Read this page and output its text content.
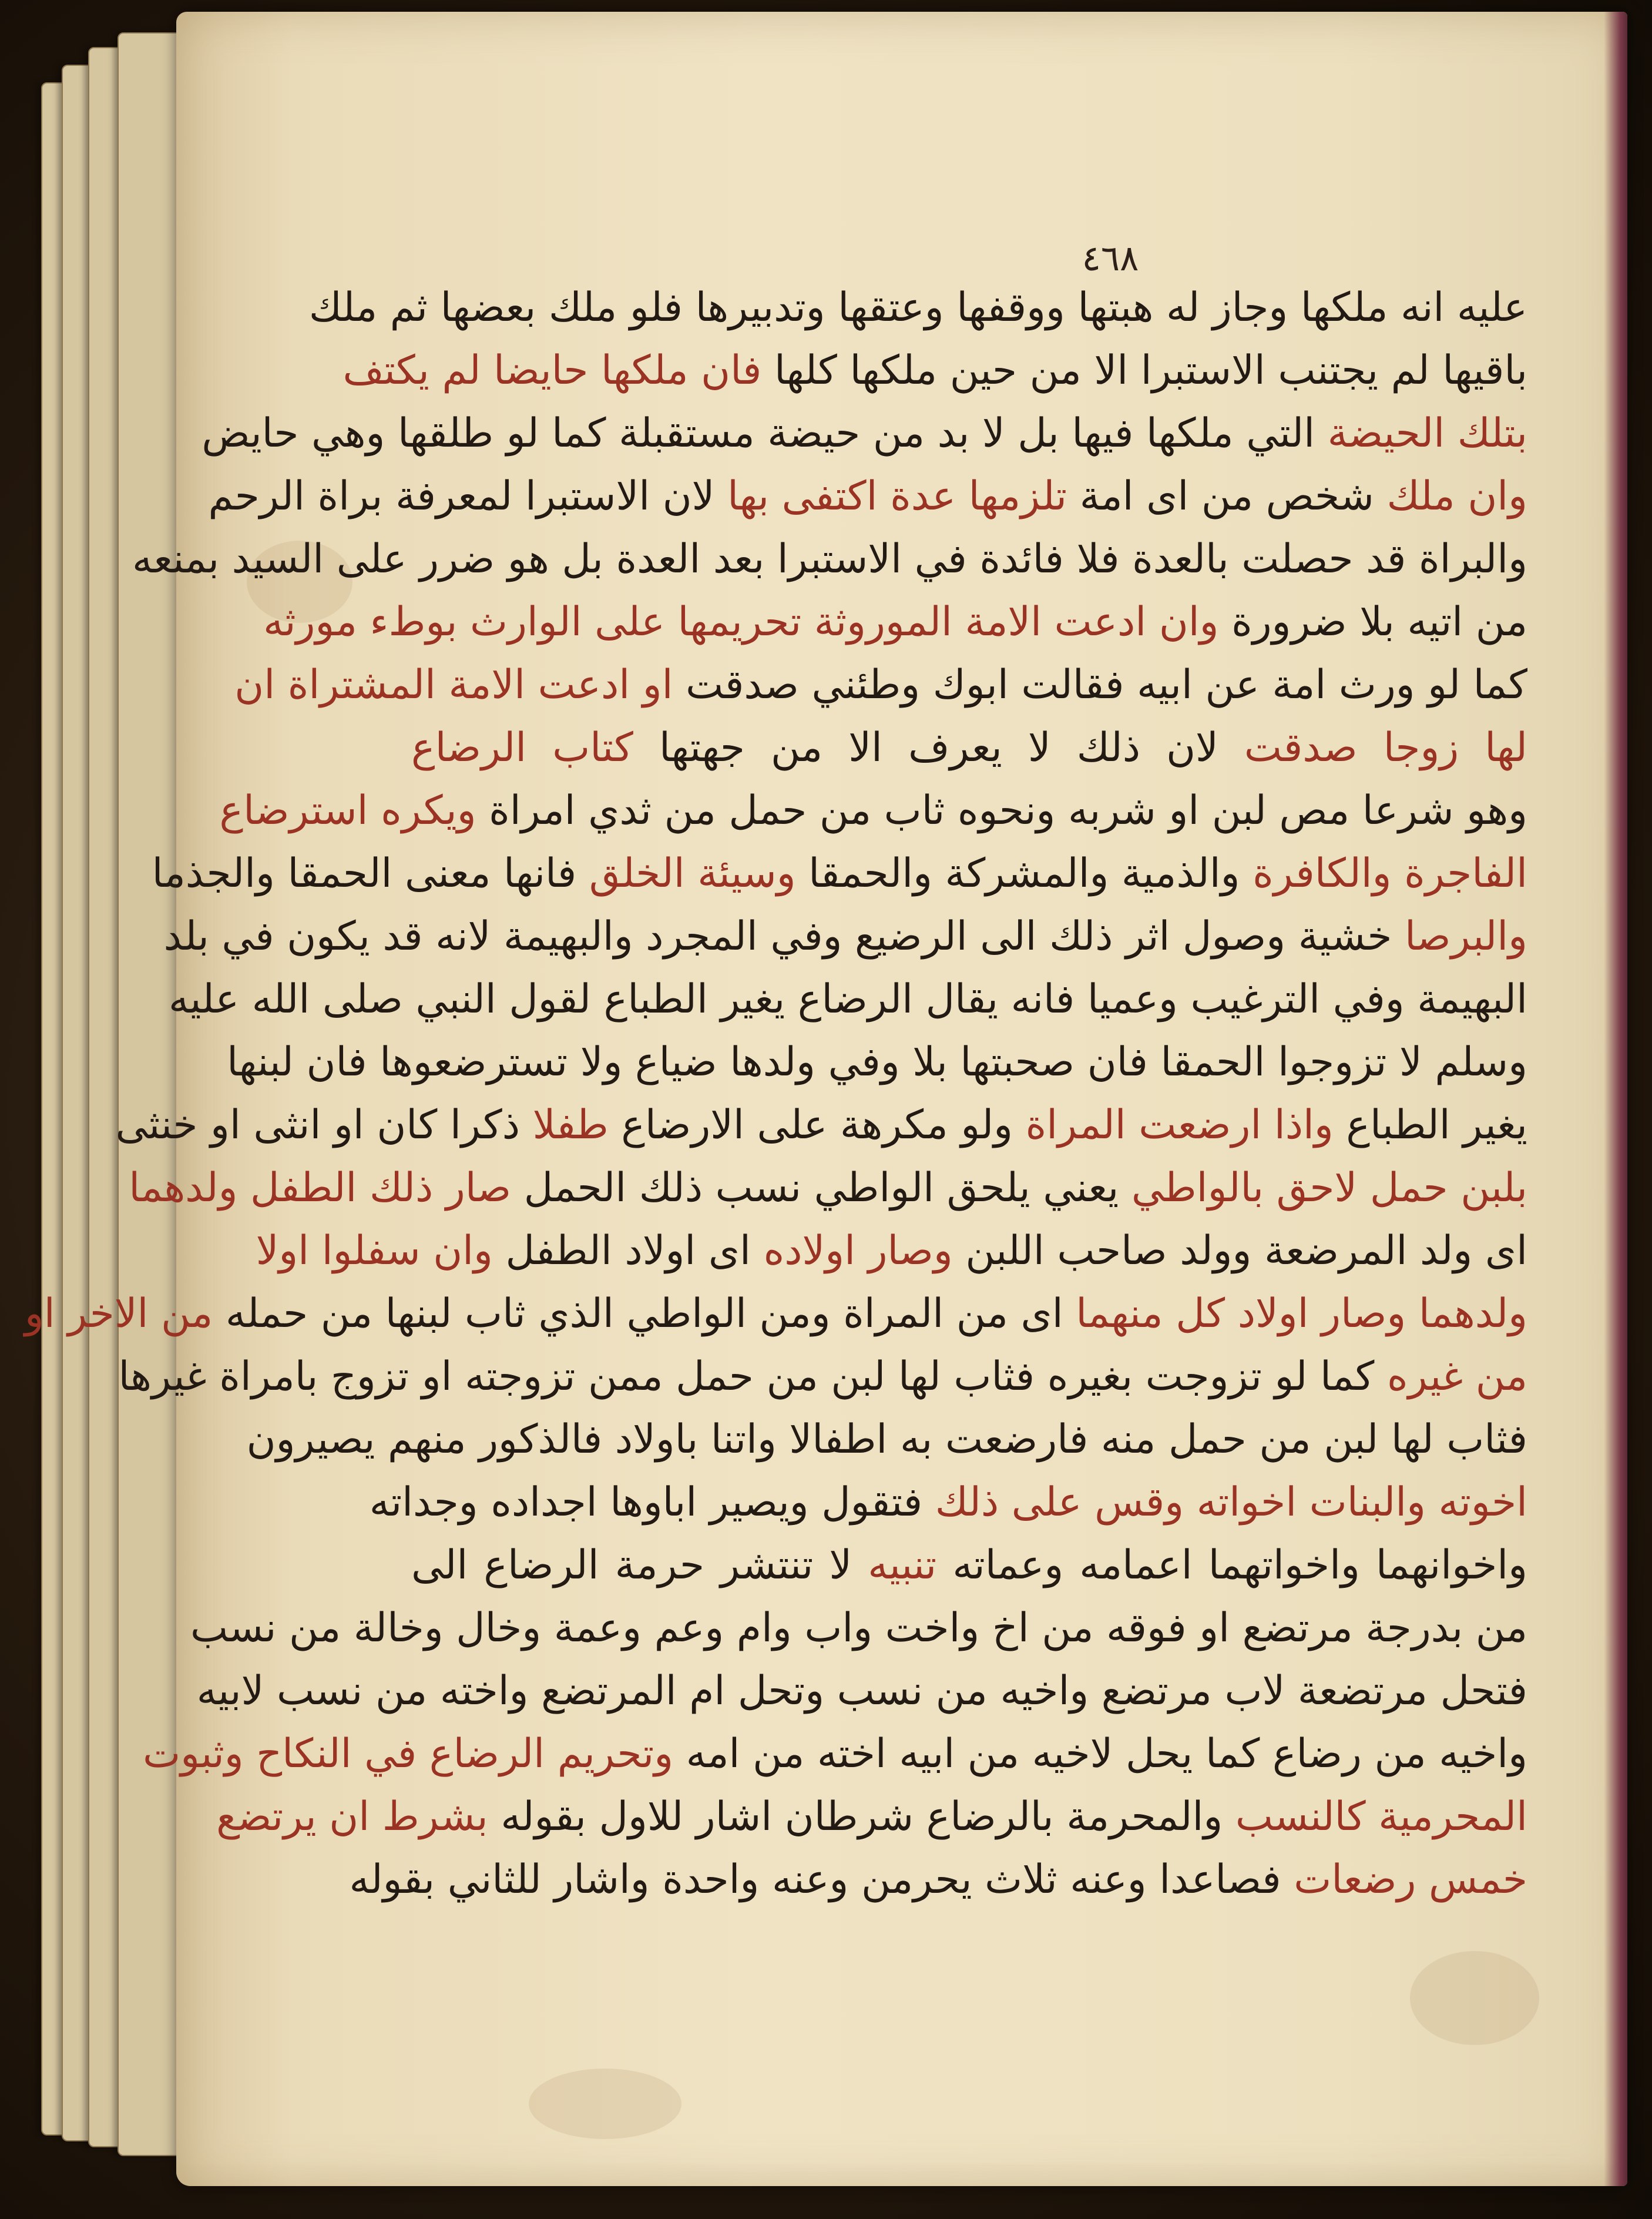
٤٦٨
عليه انه ملكها وجاز له هبتها ووقفها وعتقها وتدبيرها فلو ملك بعضها ثم ملك
باقيها لم يجتنب الاستبرا الا من حين ملكها كلها فان ملكها حايضا لم يكتف
بتلك الحيضة التي ملكها فيها بل لا بد من حيضة مستقبلة كما لو طلقها وهي حايض
وان ملك شخص من اى امة تلزمها عدة اكتفى بها لان الاستبرا لمعرفة براة الرحم
والبراة قد حصلت بالعدة فلا فائدة في الاستبرا بعد العدة بل هو ضرر على السيد بمنعه
من اتيه بلا ضرورة وان ادعت الامة الموروثة تحريمها على الوارث بوطء مورثه
كما لو ورث امة عن ابيه فقالت ابوك وطئني صدقت او ادعت الامة المشتراة ان
لها زوجا صدقت لان ذلك لا يعرف الا من جهتها كتاب الرضاع
وهو شرعا مص لبن او شربه ونحوه ثاب من حمل من ثدي امراة ويكره استرضاع
الفاجرة والكافرة والذمية والمشركة والحمقا وسيئة الخلق فانها معنى الحمقا والجذما
والبرصا خشية وصول اثر ذلك الى الرضيع وفي المجرد والبهيمة لانه قد يكون في بلد
البهيمة وفي الترغيب وعميا فانه يقال الرضاع يغير الطباع لقول النبي صلى الله عليه
وسلم لا تزوجوا الحمقا فان صحبتها بلا وفي ولدها ضياع ولا تسترضعوها فان لبنها
يغير الطباع واذا ارضعت المراة ولو مكرهة على الارضاع طفلا ذكرا كان او انثى او خنثى
بلبن حمل لاحق بالواطي يعني يلحق الواطي نسب ذلك الحمل صار ذلك الطفل ولدهما
اى ولد المرضعة وولد صاحب اللبن وصار اولاده اى اولاد الطفل وان سفلوا اولا
ولدهما وصار اولاد كل منهما اى من المراة ومن الواطي الذي ثاب لبنها من حمله من الاخر او
من غيره كما لو تزوجت بغيره فثاب لها لبن من حمل ممن تزوجته او تزوج بامراة غيرها
فثاب لها لبن من حمل منه فارضعت به اطفالا واتنا باولاد فالذكور منهم يصيرون
اخوته والبنات اخواته وقس على ذلك فتقول ويصير اباوها اجداده وجداته
واخوانهما واخواتهما اعمامه وعماته تنبيه لا تنتشر حرمة الرضاع الى
من بدرجة مرتضع او فوقه من اخ واخت واب وام وعم وعمة وخال وخالة من نسب
فتحل مرتضعة لاب مرتضع واخيه من نسب وتحل ام المرتضع واخته من نسب لابيه
واخيه من رضاع كما يحل لاخيه من ابيه اخته من امه وتحريم الرضاع في النكاح وثبوت
المحرمية كالنسب والمحرمة بالرضاع شرطان اشار للاول بقوله بشرط ان يرتضع
خمس رضعات فصاعدا وعنه ثلاث يحرمن وعنه واحدة واشار للثاني بقوله
